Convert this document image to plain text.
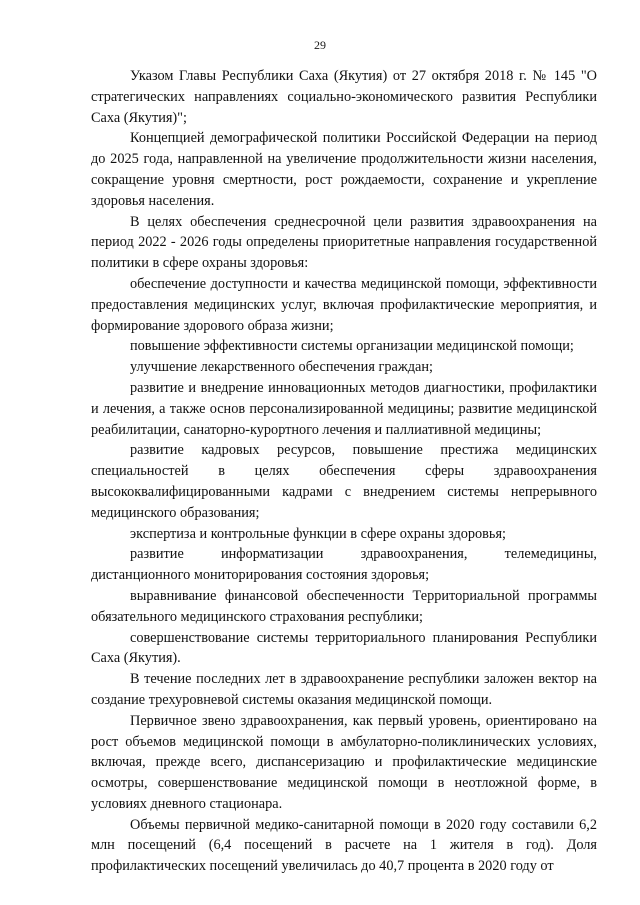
29

Указом Главы Республики Саха (Якутия) от 27 октября 2018 г. № 145 "О стратегических направлениях социально-экономического развития Республики Саха (Якутия)";

Концепцией демографической политики Российской Федерации на период до 2025 года, направленной на увеличение продолжительности жизни населения, сокращение уровня смертности, рост рождаемости, сохранение и укрепление здоровья населения.

В целях обеспечения среднесрочной цели развития здравоохранения на период 2022 - 2026 годы определены приоритетные направления государственной политики в сфере охраны здоровья:

обеспечение доступности и качества медицинской помощи, эффективности предоставления медицинских услуг, включая профилактические мероприятия, и формирование здорового образа жизни;

повышение эффективности системы организации медицинской помощи;

улучшение лекарственного обеспечения граждан;

развитие и внедрение инновационных методов диагностики, профилактики и лечения, а также основ персонализированной медицины; развитие медицинской реабилитации, санаторно-курортного лечения и паллиативной медицины;

развитие кадровых ресурсов, повышение престижа медицинских специальностей в целях обеспечения сферы здравоохранения высококвалифицированными кадрами с внедрением системы непрерывного медицинского образования;

экспертиза и контрольные функции в сфере охраны здоровья;

развитие информатизации здравоохранения, телемедицины, дистанционного мониторирования состояния здоровья;

выравнивание финансовой обеспеченности Территориальной программы обязательного медицинского страхования республики;

совершенствование системы территориального планирования Республики Саха (Якутия).

В течение последних лет в здравоохранение республики заложен вектор на создание трехуровневой системы оказания медицинской помощи.

Первичное звено здравоохранения, как первый уровень, ориентировано на рост объемов медицинской помощи в амбулаторно-поликлинических условиях, включая, прежде всего, диспансеризацию и профилактические медицинские осмотры, совершенствование медицинской помощи в неотложной форме, в условиях дневного стационара.

Объемы первичной медико-санитарной помощи в 2020 году составили 6,2 млн посещений (6,4 посещений в расчете на 1 жителя в год). Доля профилактических посещений увеличилась до 40,7 процента в 2020 году от
